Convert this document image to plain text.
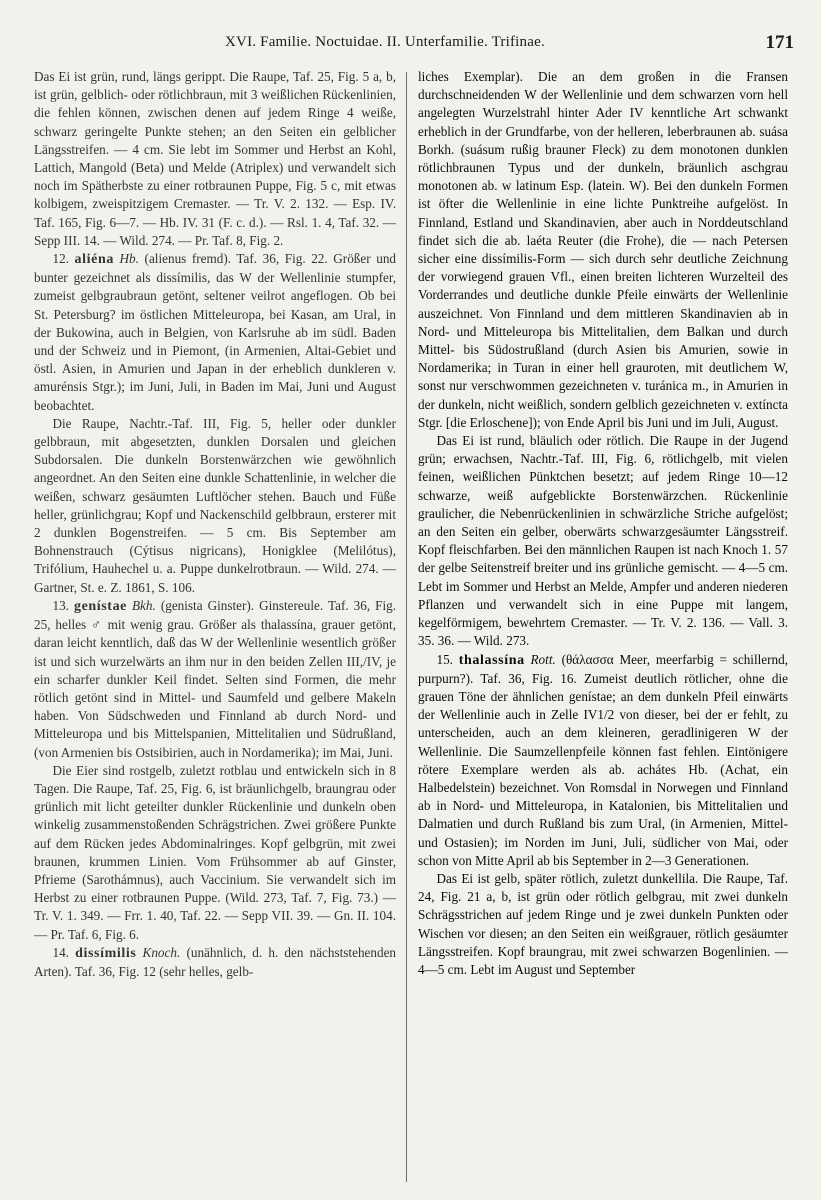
XVI. Familie. Noctuidae. II. Unterfamilie. Trifinae.	171

Das Ei ist grün, rund, längs gerippt. Die Raupe, Taf. 25, Fig. 5 a, b, ist grün, gelblich- oder rötlichbraun, mit 3 weißlichen Rückenlinien, die fehlen können, zwischen denen auf jedem Ringe 4 weiße, schwarz geringelte Punkte stehen; an den Seiten ein gelblicher Längsstreifen. — 4 cm. Sie lebt im Sommer und Herbst an Kohl, Lattich, Mangold (Beta) und Melde (Atriplex) und verwandelt sich noch im Spätherbste zu einer rotbraunen Puppe, Fig. 5 c, mit etwas kolbigem, zweispitzigem Cremaster. — Tr. V. 2. 132. — Esp. IV. Taf. 165, Fig. 6—7. — Hb. IV. 31 (F. c. d.). — Rsl. 1. 4, Taf. 32. — Sepp III. 14. — Wild. 274. — Pr. Taf. 8, Fig. 2.

12. aliéna Hb. (alienus fremd). Taf. 36, Fig. 22. Größer und bunter gezeichnet als dissímilis, das W der Wellenlinie stumpfer, zumeist gelbgraubraun getönt, seltener veilrot angeflogen. Ob bei St. Petersburg? im östlichen Mitteleuropa, bei Kasan, am Ural, in der Bukowina, auch in Belgien, von Karlsruhe ab im südl. Baden und der Schweiz und in Piemont, (in Armenien, Altai-Gebiet und östl. Asien, in Amurien und Japan in der erheblich dunkleren v. amurénsis Stgr.); im Juni, Juli, in Baden im Mai, Juni und August beobachtet.

Die Raupe, Nachtr.-Taf. III, Fig. 5, heller oder dunkler gelbbraun, mit abgesetzten, dunklen Dorsalen und gleichen Subdorsalen. Die dunkeln Borstenwärzchen wie gewöhnlich angeordnet. An den Seiten eine dunkle Schattenlinie, in welcher die weißen, schwarz gesäumten Luftlöcher stehen. Bauch und Füße heller, grünlichgrau; Kopf und Nackenschild gelbbraun, ersterer mit 2 dunklen Bogenstreifen. — 5 cm. Bis September am Bohnenstrauch (Cýtisus nigricans), Honigklee (Melilótus), Trifólium, Hauhechel u. a. Puppe dunkelrotbraun. — Wild. 274. — Gartner, St. e. Z. 1861, S. 106.

13. genístae Bkh. (genista Ginster). Ginstereule. Taf. 36, Fig. 25, helles ♂ mit wenig grau. Größer als thalassína, grauer getönt, daran leicht kenntlich, daß das W der Wellenlinie wesentlich größer ist und sich wurzelwärts an ihm nur in den beiden Zellen III,/IV, je ein scharfer dunkler Keil findet. Selten sind Formen, die mehr rötlich getönt sind in Mittel- und Saumfeld und gelbere Makeln haben. Von Südschweden und Finnland ab durch Nord- und Mitteleuropa und bis Mittelspanien, Mittelitalien und Südrußland, (von Armenien bis Ostsibirien, auch in Nordamerika); im Mai, Juni.

Die Eier sind rostgelb, zuletzt rotblau und entwickeln sich in 8 Tagen. Die Raupe, Taf. 25, Fig. 6, ist bräunlichgelb, braungrau oder grünlich mit licht geteilter dunkler Rückenlinie und dunkeln oben winkelig zusammenstoßenden Schrägstrichen. Zwei größere Punkte auf dem Rücken jedes Abdominalringes. Kopf gelbgrün, mit zwei braunen, krummen Linien. Vom Frühsommer ab auf Ginster, Pfrieme (Sarothámnus), auch Vaccinium. Sie verwandelt sich im Herbst zu einer rotbraunen Puppe. (Wild. 273, Taf. 7, Fig. 73.) — Tr. V. 1. 349. — Frr. 1. 40, Taf. 22. — Sepp VII. 39. — Gn. II. 104. — Pr. Taf. 6, Fig. 6.

14. dissímilis Knoch. (unähnlich, d. h. den nächststehenden Arten). Taf. 36, Fig. 12 (sehr helles, gelb-

liches Exemplar). Die an dem großen in die Fransen durchschneidenden W der Wellenlinie und dem schwarzen vorn hell angelegten Wurzelstrahl hinter Ader IV kenntliche Art schwankt erheblich in der Grundfarbe, von der helleren, leberbraunen ab. suása Borkh. (suásum rußig brauner Fleck) zu dem monotonen dunklen rötlichbraunen Typus und der dunkeln, bräunlich aschgrau monotonen ab. w latinum Esp. (latein. W). Bei den dunkeln Formen ist öfter die Wellenlinie in eine lichte Punktreihe aufgelöst. In Finnland, Estland und Skandinavien, aber auch in Norddeutschland findet sich die ab. laéta Reuter (die Frohe), die — nach Petersen sicher eine dissímilis-Form — sich durch sehr deutliche Zeichnung der vorwiegend grauen Vfl., einen breiten lichteren Wurzelteil des Vorderrandes und deutliche dunkle Pfeile einwärts der Wellenlinie auszeichnet. Von Finnland und dem mittleren Skandinavien ab in Nord- und Mitteleuropa bis Mittelitalien, dem Balkan und durch Mittel- bis Südostrußland (durch Asien bis Amurien, sowie in Nordamerika; in Turan in einer hell grauroten, mit deutlichem W, sonst nur verschwommen gezeichneten v. turánica m., in Amurien in der dunkeln, nicht weißlich, sondern gelblich gezeichneten v. extíncta Stgr. [die Erloschene]); von Ende April bis Juni und im Juli, August.

Das Ei ist rund, bläulich oder rötlich. Die Raupe in der Jugend grün; erwachsen, Nachtr.-Taf. III, Fig. 6, rötlichgelb, mit vielen feinen, weißlichen Pünktchen besetzt; auf jedem Ringe 10—12 schwarze, weiß aufgeblickte Borstenwärzchen. Rückenlinie graulicher, die Nebenrückenlinien in schwärzliche Striche aufgelöst; an den Seiten ein gelber, oberwärts schwarzgesäumter Längsstreif. Kopf fleischfarben. Bei den männlichen Raupen ist nach Knoch 1. 57 der gelbe Seitenstreif breiter und ins grünliche gemischt. — 4—5 cm. Lebt im Sommer und Herbst an Melde, Ampfer und anderen niederen Pflanzen und verwandelt sich in eine Puppe mit langem, kegelförmigem, bewehrtem Cremaster. — Tr. V. 2. 136. — Vall. 3. 35. 36. — Wild. 273.

15. thalassína Rott. (θάλασσα Meer, meerfarbig = schillernd, purpurn?). Taf. 36, Fig. 16. Zumeist deutlich rötlicher, ohne die grauen Töne der ähnlichen genístae; an dem dunkeln Pfeil einwärts der Wellenlinie auch in Zelle IV1/2 von dieser, bei der er fehlt, zu unterscheiden, auch an dem kleineren, geradlinigeren W der Wellenlinie. Die Saumzellenpfeile können fast fehlen. Eintönigere rötere Exemplare werden als ab. achátes Hb. (Achat, ein Halbedelstein) bezeichnet. Von Romsdal in Norwegen und Finnland ab in Nord- und Mitteleuropa, in Katalonien, bis Mittelitalien und Dalmatien und durch Rußland bis zum Ural, (in Armenien, Mittel- und Ostasien); im Norden im Juni, Juli, südlicher von Mai, oder schon von Mitte April ab bis September in 2—3 Generationen.

Das Ei ist gelb, später rötlich, zuletzt dunkellila. Die Raupe, Taf. 24, Fig. 21 a, b, ist grün oder rötlich gelbgrau, mit zwei dunkeln Schrägsstrichen auf jedem Ringe und je zwei dunkeln Punkten oder Wischen vor diesen; an den Seiten ein weißgrauer, rötlich gesäumter Längsstreifen. Kopf braungrau, mit zwei schwarzen Bogenlinien. — 4—5 cm. Lebt im August und September
